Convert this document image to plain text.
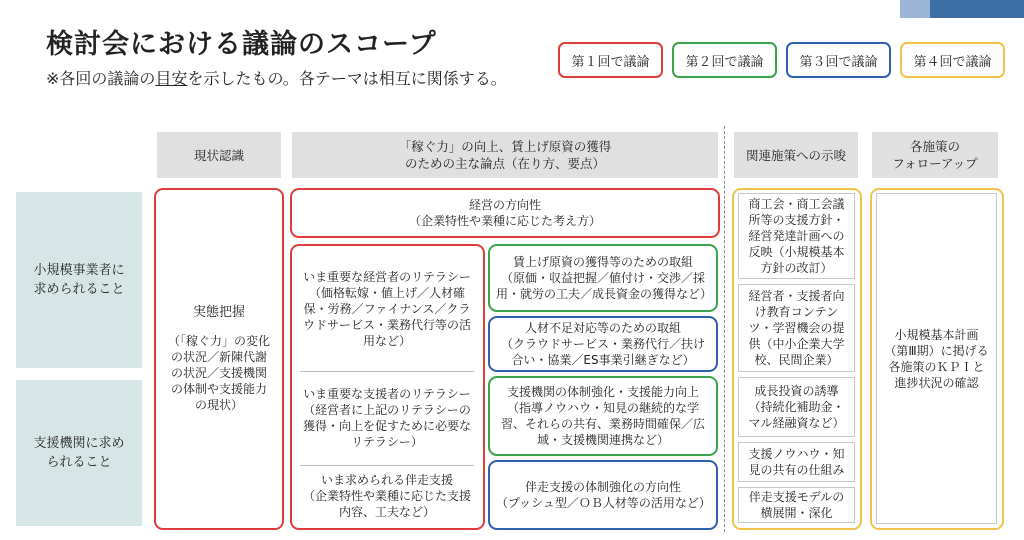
検討会における議論のスコープ
※各回の議論の目安を示したもの。各テーマは相互に関係する。
第１回で議論	第２回で議論	第３回で議論	第４回で議論
現状認識
「稼ぐ力」の向上、賃上げ原資の獲得
のための主な論点（在り方、要点）
関連施策への示唆
各施策の
フォローアップ
小規模事業者に求められること
支援機関に求められること
実態把握
（「稼ぐ力」の変化の状況／新陳代謝の状況／支援機関の体制や支援能力の現状）
経営の方向性
（企業特性や業種に応じた考え方）
いま重要な経営者のリテラシー
（価格転嫁・値上げ／人材確保・労務／ファイナンス／クラウドサービス・業務代行等の活用など）
いま重要な支援者のリテラシー
（経営者に上記のリテラシーの獲得・向上を促すために必要なリテラシー）
いま求められる伴走支援
（企業特性や業種に応じた支援内容、工夫など）
賃上げ原資の獲得等のための取組
（原価・収益把握／値付け・交渉／採用・就労の工夫／成長資金の獲得など）
人材不足対応等のための取組
（クラウドサービス・業務代行／扶け合い・協業／ES事業引継ぎなど）
支援機関の体制強化・支援能力向上
（指導ノウハウ・知見の継続的な学習、それらの共有、業務時間確保／広域・支援機関連携など）
伴走支援の体制強化の方向性
（プッシュ型／ＯＢ人材等の活用など）
商工会・商工会議所等の支援方針・経営発達計画への反映（小規模基本方針の改訂）
経営者・支援者向け教育コンテンツ・学習機会の提供（中小企業大学校、民間企業）
成長投資の誘導（持続化補助金・マル経融資など）
支援ノウハウ・知見の共有の仕組み
伴走支援モデルの横展開・深化
小規模基本計画（第Ⅲ期）に掲げる各施策のＫＰＩと進捗状況の確認
